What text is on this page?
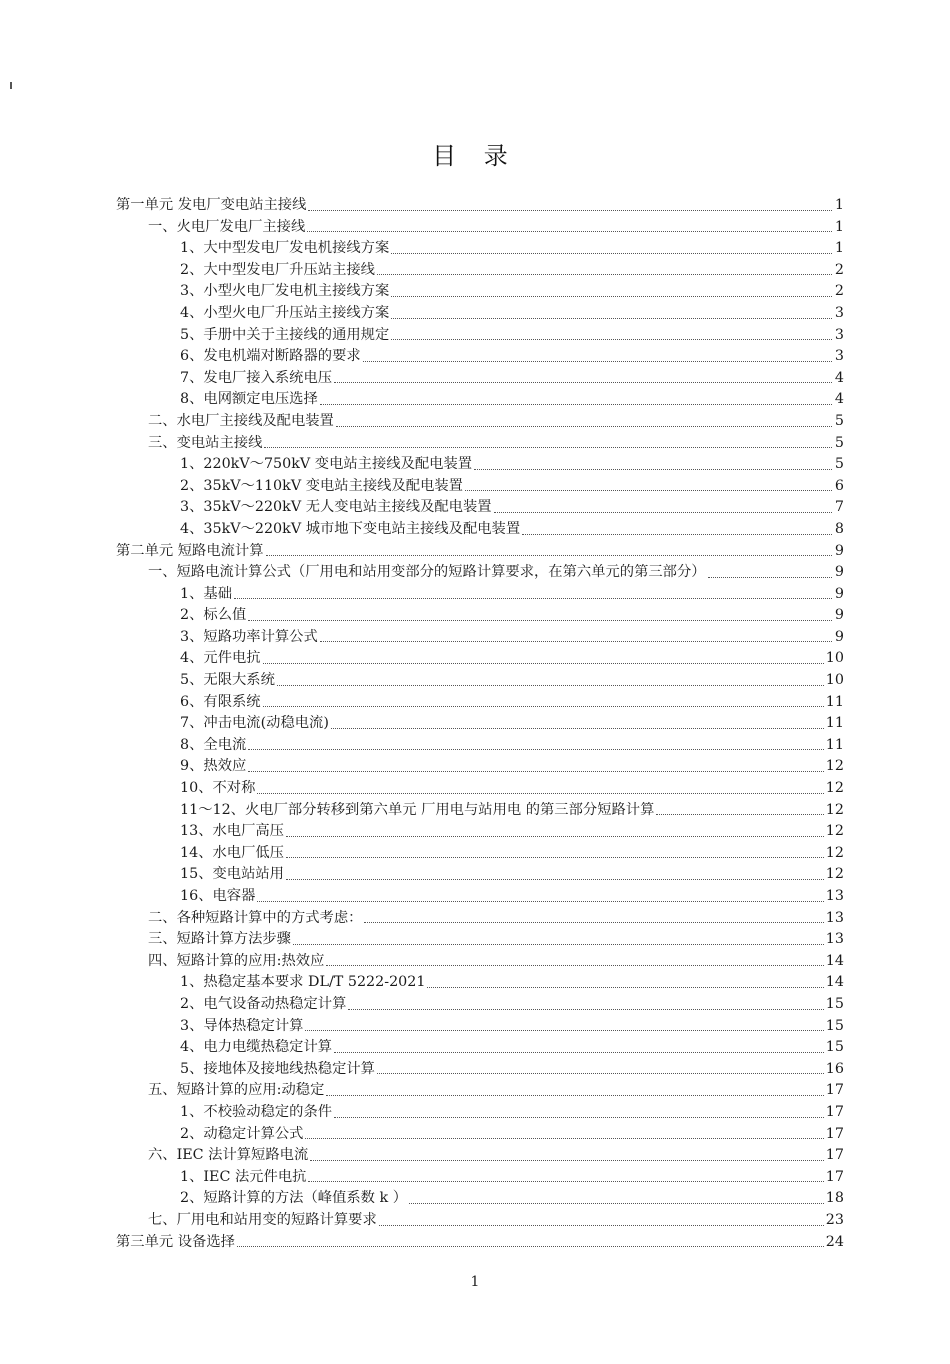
目 录
第一单元 发电厂变电站主接线	1
一、火电厂发电厂主接线	1
1、大中型发电厂发电机接线方案	1
2、大中型发电厂升压站主接线	2
3、小型火电厂发电机主接线方案	2
4、小型火电厂升压站主接线方案	3
5、手册中关于主接线的通用规定	3
6、发电机端对断路器的要求	3
7、发电厂接入系统电压	4
8、电网额定电压选择	4
二、水电厂主接线及配电装置	5
三、变电站主接线	5
1、220kV～750kV 变电站主接线及配电装置	5
2、35kV～110kV 变电站主接线及配电装置	6
3、35kV～220kV 无人变电站主接线及配电装置	7
4、35kV～220kV 城市地下变电站主接线及配电装置	8
第二单元 短路电流计算	9
一、短路电流计算公式（厂用电和站用变部分的短路计算要求，在第六单元的第三部分）	9
1、基础	9
2、标么值	9
3、短路功率计算公式	9
4、元件电抗	10
5、无限大系统	10
6、有限系统	11
7、冲击电流(动稳电流)	11
8、全电流	11
9、热效应	12
10、不对称	12
11～12、火电厂部分转移到第六单元 厂用电与站用电 的第三部分短路计算	12
13、水电厂高压	12
14、水电厂低压	12
15、变电站站用	12
16、电容器	13
二、各种短路计算中的方式考虑：	13
三、短路计算方法步骤	13
四、短路计算的应用:热效应	14
1、热稳定基本要求 DL/T 5222-2021	14
2、电气设备动热稳定计算	15
3、导体热稳定计算	15
4、电力电缆热稳定计算	15
5、接地体及接地线热稳定计算	16
五、短路计算的应用:动稳定	17
1、不校验动稳定的条件	17
2、动稳定计算公式	17
六、IEC 法计算短路电流	17
1、IEC 法元件电抗	17
2、短路计算的方法（峰值系数 k ）	18
七、厂用电和站用变的短路计算要求	23
第三单元 设备选择	24
1
